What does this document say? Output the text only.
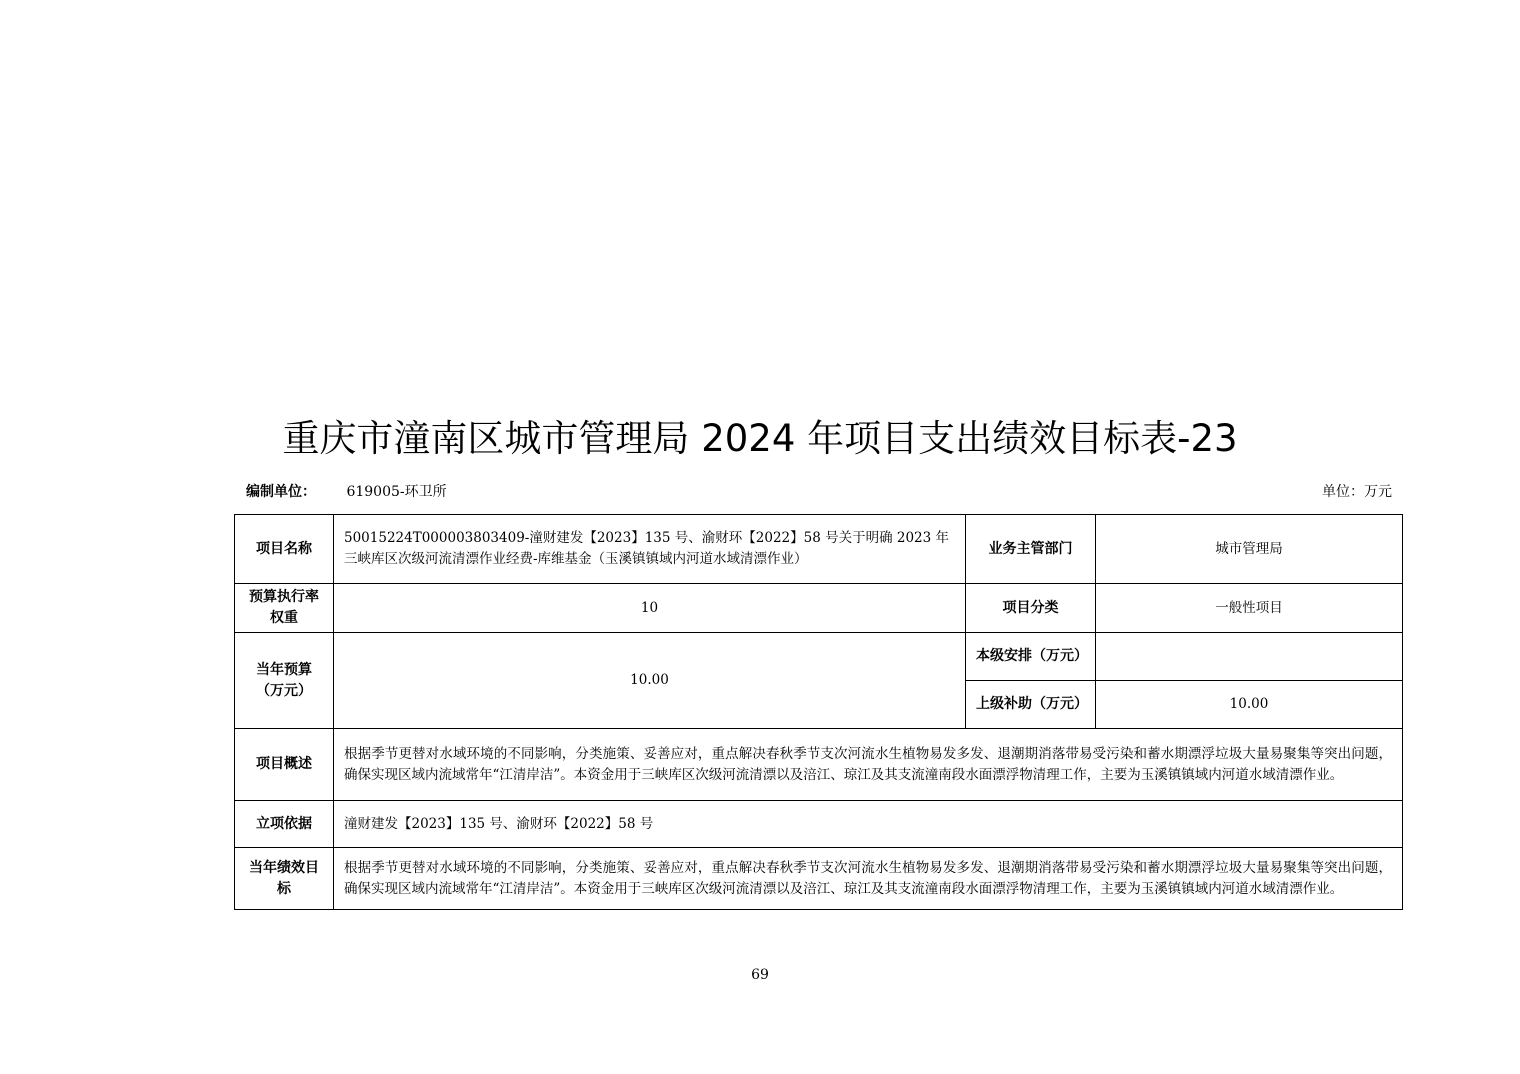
重庆市潼南区城市管理局 2024 年项目支出绩效目标表-23
编制单位： 619005-环卫所	单位：万元
项目名称	50015224T000003803409-潼财建发【2023】135 号、渝财环【2022】58 号关于明确 2023 年三峡库区次级河流清漂作业经费-库维基金（玉溪镇镇域内河道水域清漂作业）	业务主管部门	城市管理局
预算执行率权重	10	项目分类	一般性项目
当年预算（万元）	10.00	本级安排（万元）	
		上级补助（万元）	10.00
项目概述	根据季节更替对水域环境的不同影响，分类施策、妥善应对，重点解决春秋季节支次河流水生植物易发多发、退潮期消落带易受污染和蓄水期漂浮垃圾大量易聚集等突出问题，确保实现区域内流域常年“江清岸洁”。本资金用于三峡库区次级河流清漂以及涪江、琼江及其支流潼南段水面漂浮物清理工作，主要为玉溪镇镇域内河道水域清漂作业。		
立项依据	潼财建发【2023】135 号、渝财环【2022】58 号		
当年绩效目标	根据季节更替对水域环境的不同影响，分类施策、妥善应对，重点解决春秋季节支次河流水生植物易发多发、退潮期消落带易受污染和蓄水期漂浮垃圾大量易聚集等突出问题，确保实现区域内流域常年“江清岸洁”。本资金用于三峡库区次级河流清漂以及涪江、琼江及其支流潼南段水面漂浮物清理工作，主要为玉溪镇镇域内河道水域清漂作业。		
69
